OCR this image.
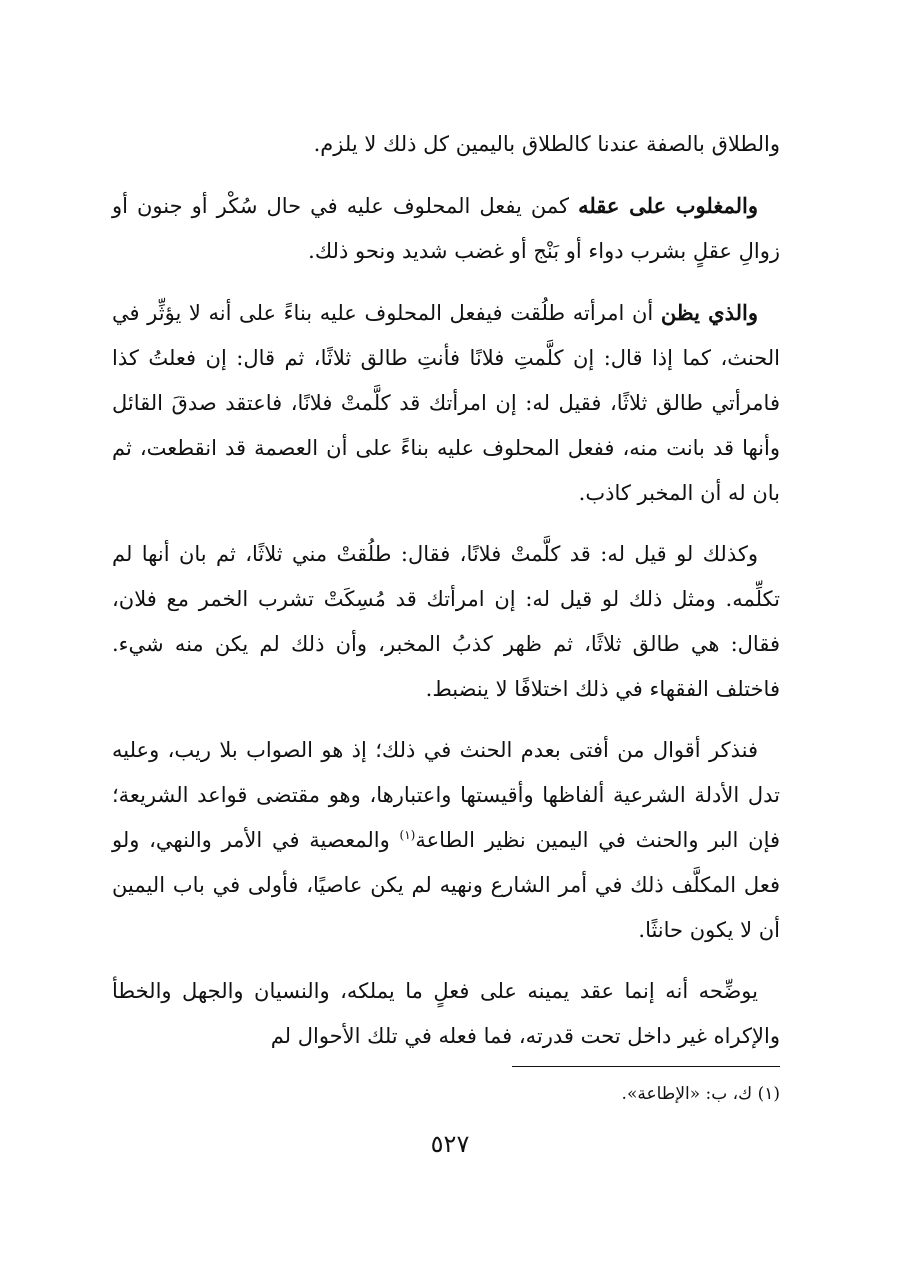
والطلاق بالصفة عندنا كالطلاق باليمين كل ذلك لا يلزم.

والمغلوب على عقله كمن يفعل المحلوف عليه في حال سُكْر أو جنون أو زوالِ عقلٍ بشرب دواء أو بَنْج أو غضب شديد ونحو ذلك.

والذي يظن أن امرأته طلُقت فيفعل المحلوف عليه بناءً على أنه لا يؤثِّر في الحنث، كما إذا قال: إن كلَّمتِ فلانًا فأنتِ طالق ثلاثًا، ثم قال: إن فعلتُ كذا فامرأتي طالق ثلاثًا، فقيل له: إن امرأتك قد كلَّمتْ فلانًا، فاعتقد صدقَ القائل وأنها قد بانت منه، ففعل المحلوف عليه بناءً على أن العصمة قد انقطعت، ثم بان له أن المخبر كاذب.

وكذلك لو قيل له: قد كلَّمتْ فلانًا، فقال: طلُقتْ مني ثلاثًا، ثم بان أنها لم تكلِّمه. ومثل ذلك لو قيل له: إن امرأتك قد مُسِكَتْ تشرب الخمر مع فلان، فقال: هي طالق ثلاثًا، ثم ظهر كذبُ المخبر، وأن ذلك لم يكن منه شيء. فاختلف الفقهاء في ذلك اختلافًا لا ينضبط.

فنذكر أقوال من أفتى بعدم الحنث في ذلك؛ إذ هو الصواب بلا ريب، وعليه تدل الأدلة الشرعية ألفاظها وأقيستها واعتبارها، وهو مقتضى قواعد الشريعة؛ فإن البر والحنث في اليمين نظير الطاعة$^{(١)}$ والمعصية في الأمر والنهي، ولو فعل المكلَّف ذلك في أمر الشارع ونهيه لم يكن عاصيًا، فأولى في باب اليمين أن لا يكون حانثًا.

يوضِّحه أنه إنما عقد يمينه على فعلٍ ما يملكه، والنسيان والجهل والخطأ والإكراه غير داخل تحت قدرته، فما فعله في تلك الأحوال لم

(١) ك، ب: «الإطاعة».
٥٢٧
